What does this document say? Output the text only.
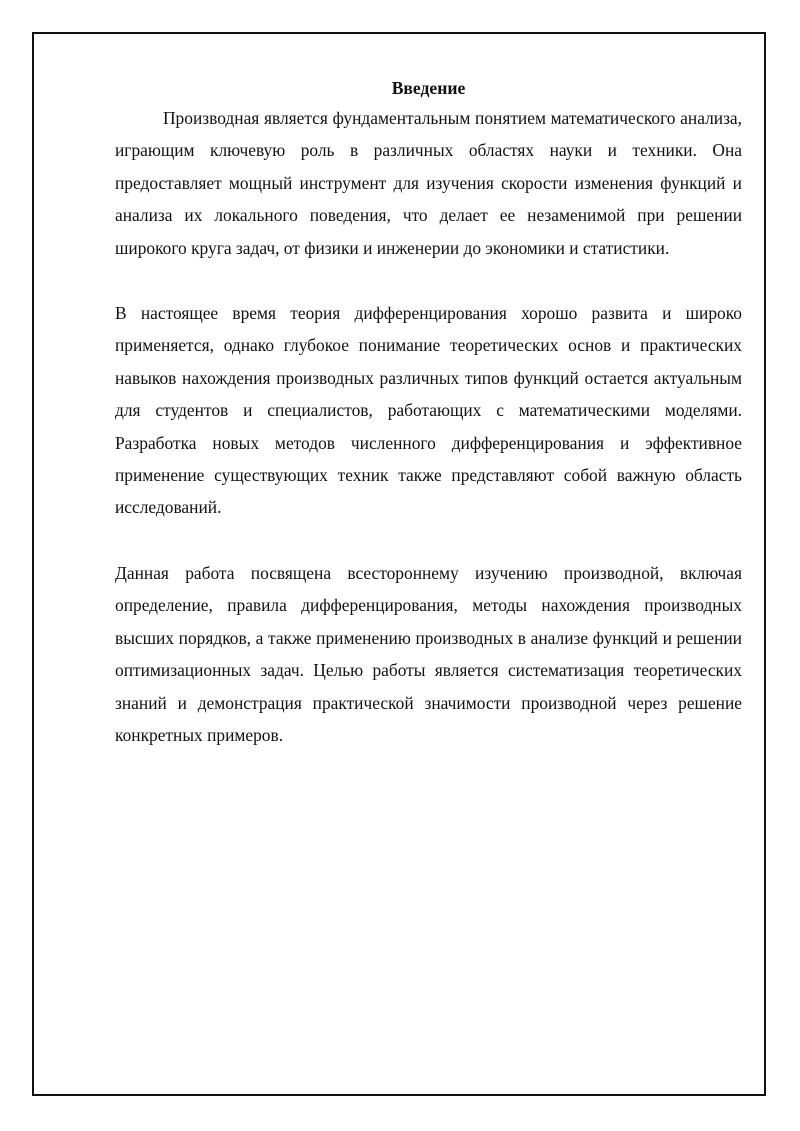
Введение

Производная является фундаментальным понятием математического анализа, играющим ключевую роль в различных областях науки и техники. Она предоставляет мощный инструмент для изучения скорости изменения функций и анализа их локального поведения, что делает ее незаменимой при решении широкого круга задач, от физики и инженерии до экономики и статистики.

В настоящее время теория дифференцирования хорошо развита и широко применяется, однако глубокое понимание теоретических основ и практических навыков нахождения производных различных типов функций остается актуальным для студентов и специалистов, работающих с математическими моделями. Разработка новых методов численного дифференцирования и эффективное применение существующих техник также представляют собой важную область исследований.

Данная работа посвящена всестороннему изучению производной, включая определение, правила дифференцирования, методы нахождения производных высших порядков, а также применению производных в анализе функций и решении оптимизационных задач. Целью работы является систематизация теоретических знаний и демонстрация практической значимости производной через решение конкретных примеров.
